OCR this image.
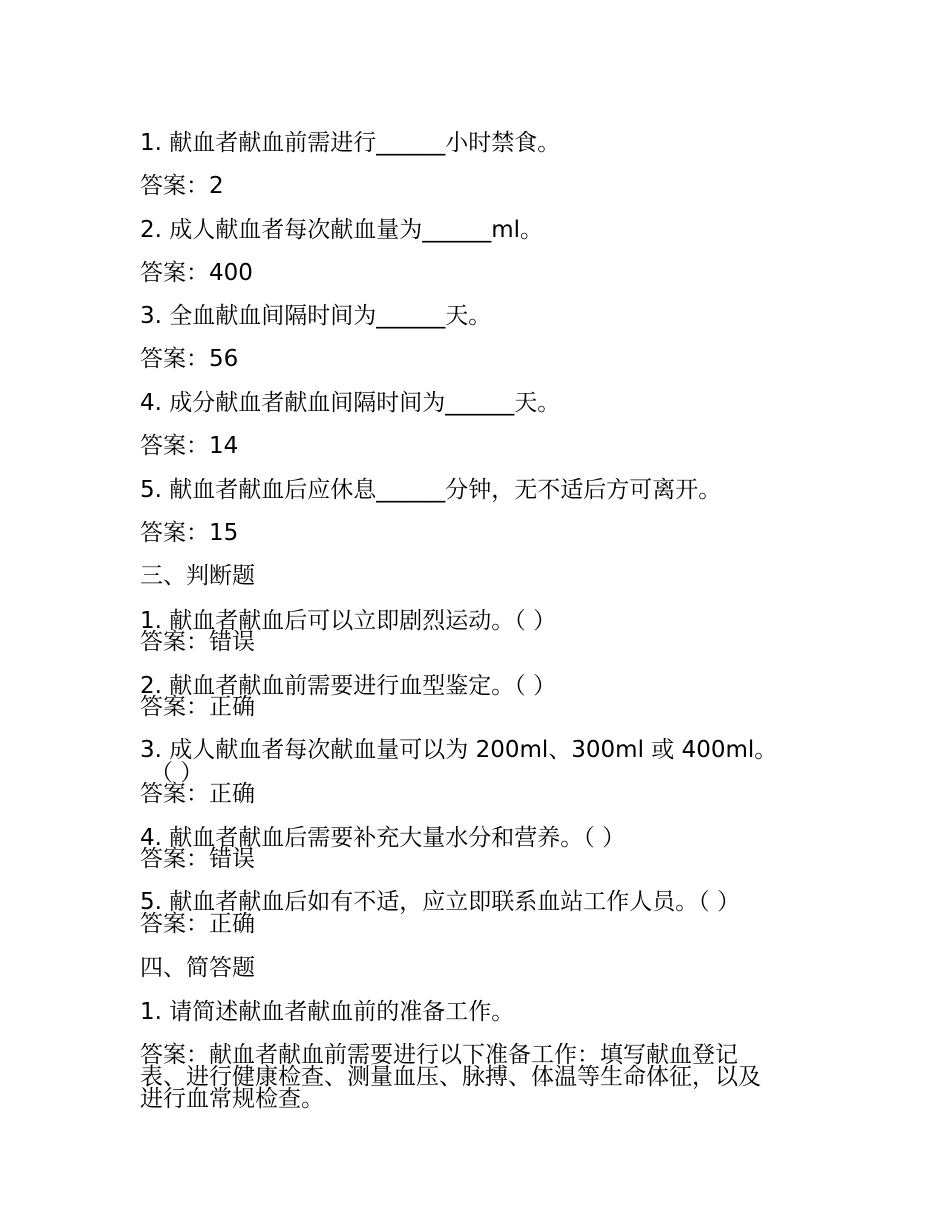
1. 献血者献血前需进行______小时禁食。
答案：2
2. 成人献血者每次献血量为______ml。
答案：400
3. 全血献血间隔时间为______天。
答案：56
4. 成分献血者献血间隔时间为______天。
答案：14
5. 献血者献血后应休息______分钟，无不适后方可离开。
答案：15
三、判断题
1. 献血者献血后可以立即剧烈运动。（ ）
答案：错误
2. 献血者献血前需要进行血型鉴定。（ ）
答案：正确
3. 成人献血者每次献血量可以为 200ml、300ml 或 400ml。
（ ）
答案：正确
4. 献血者献血后需要补充大量水分和营养。（ ）
答案：错误
5. 献血者献血后如有不适，应立即联系血站工作人员。（ ）
答案：正确
四、简答题
1. 请简述献血者献血前的准备工作。
答案：献血者献血前需要进行以下准备工作：填写献血登记
表、进行健康检查、测量血压、脉搏、体温等生命体征，以及
进行血常规检查。
